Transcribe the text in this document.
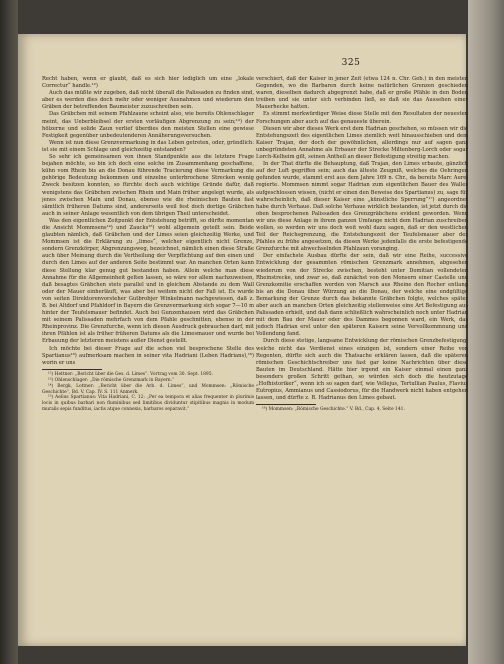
325

Recht haben, wenn er glaubt, daß es sich hier lediglich um eine „lokale Correctur“ handle.¹²)

Auch das müßte wir zugeben, daß nicht überall die Palissaden zu finden sind, aber es werden dies doch mehr oder weniger Ausnahmen und wiederum den Gräben der betreffenden Baumeister zuzuschreiben sein.

Das Gräbchen mit seinem Pfahlzaune scheint also, wie bereits Ohlenschlager meint, das Ueberbleibsel der ersten vorläufigen Abgrenzung zu sein;¹³) der hölzerne und solide Zaun verlief überdies den meisten Stellen eine gewisse Festigkeit gegenüber unbedeutenderen Annäherungsversuchen.

Wenn ist nun diese Grenzvermarkung in das Leben getreten, oder, gründlich: ist sie mit einem Schlage und gleichzeitig entstanden?

So sehr ich gemeinsamen von ihnen Standpunkte aus die letztere Frage bejahen möchte, so bin ich doch eine solche im Zusammenhang geschaffene, kühn vom Rhein bis an die Donau führende Tracierung diese Vermarkung die gehörige Bedeutung bekommen und einzelne unterbrochene Strecken wenig Zweck besitzen konnten, so fürchte doch auch wichtige Gründe dafür, daß wenigstens das Gräbchen zwischen Rhein und Main früher angelegt wurde, als jenes zwischen Main und Donau, ebenso wie die rheinischen Bauten fast sämtlich früheren Datums sind, andererseits weil fest doch dortige Gräbchen auch in seiner Anlage wesentlich von dem übrigen Theil unterscheidet.

Was den eigentlichen Zeitpunkt der Entstehung betrifft, so dürfte momentan die Ansicht Mommsens¹⁴) und Zaucks¹⁵) wohl allgemein geteilt sein. Beide glaubten nämlich, daß Gräbchen und der Limes seien gleichzeitig Werke, und Mommsen ist die Erklärung zu „limes“, welcher eigentlich nicht Grenze, sondern Grenzkörper, Abgrenzungsweg, bezeichnet, nämlich einen diese Straße auch über Meinung durch die Vertheilung der Verpflichtung auf den einen und durch den Limes auf der anderen Seite bestimmt war. An manchen Orten kann diese Stellung klar genug gut bestanden haben. Allein welche man diese Annahme für die Allgemeinheit gelten lassen, so wäre vor allem nachzuweisen, daß besagtes Gräbchen stets parallel und in gleichem Abstande zu dem Wall oder der Mauer einherläuft, was aber bei weitem nicht der Fall ist. Es wurde von seiten Direktorenvorsteher Gutbrobjer Winkelmann nachgewiesen, daß z. B. bei Altdorf und Pfahldorf in Bayern die Grenzvermarkung sich sogar 7—10 m hinter der Teufelsmauer befindet. Auch bei Gunzenhausen wird das Gräbchen mit seinem Palissaden mehrfach von dem Pfahle geschnitten, ebenso in der Rheinprovinz. Die Grenzfurche, wenn ich diesen Ausdruck gebrauchen darf, mit ihren Pfählen ist als früher früheren Datums als die Limesmauer und wurde bei Erbauung der letzteren meistens außer Dienst gestellt.

Ich möchte bei dieser Frage auf die schon viel besprochene Stelle des Spartianus¹⁶) aufmerksam machen in seiner vita Hadriani (Leben Hadrians),¹⁶) worin er uns

¹²) Hettner: „Bericht über die Ges. d. Limes“. Vortrag vom 30. Sept. 1895.

¹³) Ohlenschlager: „Die römische Grenzmark in Bayern.“

¹⁴) Bergk, Lottner: „Bericht über die Arb. d. Limes“, und Mommsen: „Römische Geschichte“, Bd. V. Cap. IV. S. 111 Anmerk.

¹⁵) Aelius Spartianus: Vita Hadriani, C. 12: „Per ea tempora et alias frequenter in plurimis locis in quibus barbari non fluminibus sed limitibus dividuntur stipitibus magnis in modum muralis sepis funditus, iactis atque connexis, barbaros separavit.“

verschiert, daß der Kaiser in jener Zeit (etwa 124 n. Chr. Geb.) in den meisten Gegenden, wo die Barbaren durch keine natürlichen Grenzen geschieden waren, dieselben dadurch abgegrenzt habe, daß er große Pfähle in den Boden treiben und sie unter sich verbinden ließ, so daß sie das Aussehen einer Mauerhecke hatten.

Es stimmt merkwürdiger Weise diese Stelle mit den Resultaten der neuesten Forschungen aber auch auf das genaueste überein.

Diesen wir aber dieses Werk erst dem Hadrian geschehen, so müssen wir die Entstehungszeit des eigentlichen Limes ziemlich weit hinausschieben und dem Kaiser Trajan, der doch der gewöhnlichen, allerdings nur auf sagen ganz unbegründeten Annahme als Erbauer der Strecke Miltenberg-Lorch oder sogar Lorch-Kelheim gilt, seinen Antheil an dieser Befestigung streitig machen.

In der That dürfte die Behauptung, daß Trajan, den Limes erbaute, gänzlich auf der Luft gegriffen sein; auch das älteste Zeugniß, welches die Oehringen gefunden wurde, stammt erst aus dem Jahre 169 n. Chr., da bereits Marc Aurel regierte. Mommsen nimmt sogar Hadrian zum eigentlichen Bauer des Walles aufgeschlossen wissen, (nicht er einen den Beweise des Spartianus) zu, sage für wahrscheinlich, daß dieser Kaiser eine „künstliche Sperrung“¹⁷) angeordnet habe durch Verhaue. Daß solche Verhaue wirklich bestanden, ist jetzt durch die oben besprochenen Palissaden des Grenzgräbchens evident geworden. Wenn wir uns diese Anlage in ihrem ganzen Umfange nicht dem Hadrian zuschreiben wollen, so werden wir uns doch weit wohl dazu sagen, daß er den westlichen Teil der Reichsgrenzung, die Entstehungszeit der Teufelsmauer aber des Pfahles zu frühe angesetzen, da diesen Werke jedenfalls die erste befestigende Grenzfurche mit abwechselnden Pfahlzaun voranging.

Der einfachste Ausbau dürfte der sein, daß wir eine Reihe, successive Entwicklung der gesammten römischen Grenzmark annehmen, abgesehen wiederum von der Strecke zwischen, besteht unter Domitian vollendeten Rheinstrecke, und zwar so, daß zunächst von den Monsern einer Castelle und Grenzkomitie erschaffen werden von Marsch aus Rheine den Rocher entlang bis an die Donau über Würzung an die Donau, der welche eine endgültige Bemarkung der Grenze durch das bekannte Gräbchen folgte, welches später aber auch an manchen Orten gleichzeitig stellenweise eine Art Befestigung aus Palissaden erhielt, und daß dann schließlich wahrscheinlich noch unter Hadrian mit dem Bau der Mauer oder des Dammes begonnen ward, ein Werk, das jedoch Hadrian erst unter den späteren Kaisern seine Vervollkommnung und Vollendung fand.

Durch diese stetige, langsame Entwicklung der römischen Grenzbefestigung, welche nicht das Verdienst eines einzigen ist, sondern einer Reihe von Regenten, dürfte sich auch die Thatsache erklären lassen, daß die späteren römischen Geschichtschreiber uns fast gar keine Nachrichten über diese Bauten im Deutschland. Hätte hier irgend ein Kaiser einmal einen ganz besonders großen Schritt gethan, so würden sich doch die heutzutage „Hofhistoriker“, wenn ich so sagen darf, wie Vellejus, Tertullian Paulus, Flavius Eutropius, Ammianus und Cassiodorus, für die Handwerk nicht haben entgehen lassen, und dürfte z. B. Hadrianus den Limes gebaut.

¹⁶) Mommsen: „Römische Geschichte.“ V. Bd., Cap. 4, Seite 141.
